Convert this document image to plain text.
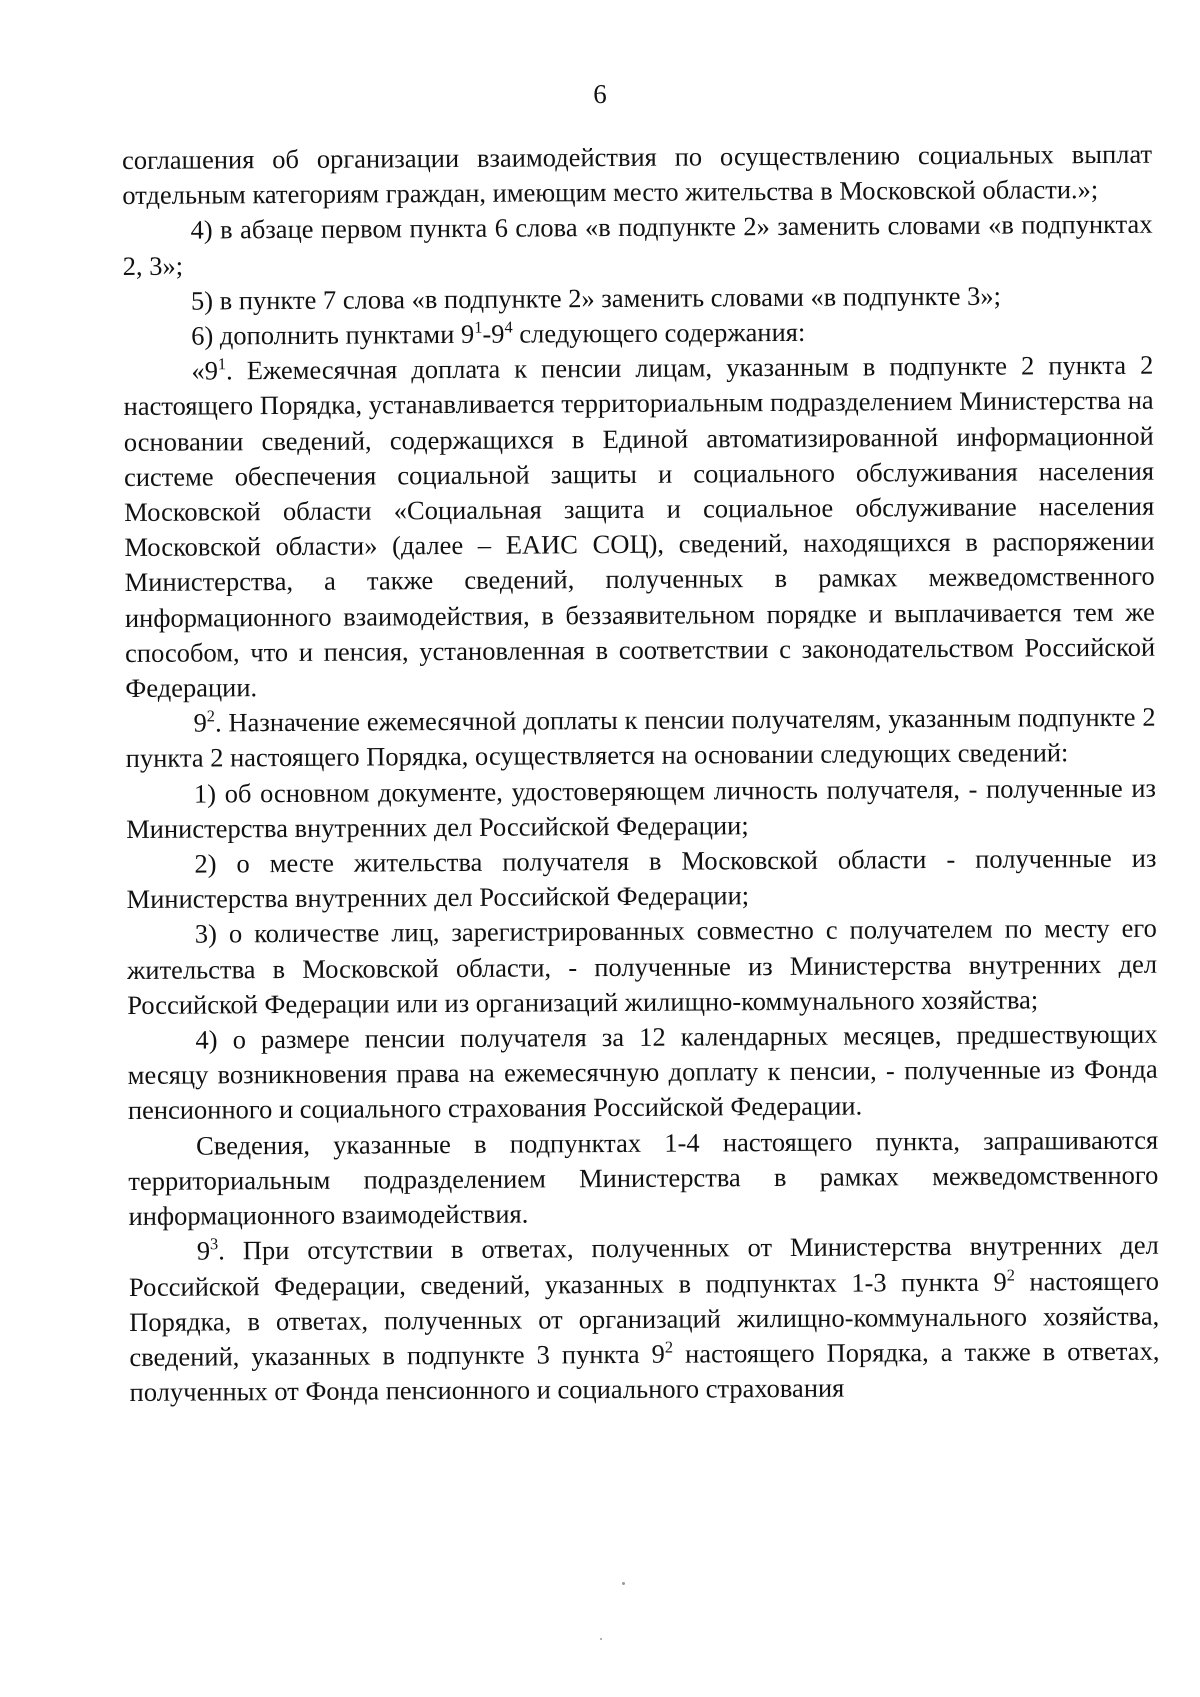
6

соглашения об организации взаимодействия по осуществлению социальных выплат отдельным категориям граждан, имеющим место жительства в Московской области.»;

4) в абзаце первом пункта 6 слова «в подпункте 2» заменить словами «в подпунктах 2, 3»;

5) в пункте 7 слова «в подпункте 2» заменить словами «в подпункте 3»;

6) дополнить пунктами $9^1-9^4$ следующего содержания:

«$9^1$. Ежемесячная доплата к пенсии лицам, указанным в подпункте 2 пункта 2 настоящего Порядка, устанавливается территориальным подразделением Министерства на основании сведений, содержащихся в Единой автоматизированной информационной системе обеспечения социальной защиты и социального обслуживания населения Московской области «Социальная защита и социальное обслуживание населения Московской области» (далее – ЕАИС СОЦ), сведений, находящихся в распоряжении Министерства, а также сведений, полученных в рамках межведомственного информационного взаимодействия, в беззаявительном порядке и выплачивается тем же способом, что и пенсия, установленная в соответствии с законодательством Российской Федерации.

$9^2$. Назначение ежемесячной доплаты к пенсии получателям, указанным подпункте 2 пункта 2 настоящего Порядка, осуществляется на основании следующих сведений:

1) об основном документе, удостоверяющем личность получателя, - полученные из Министерства внутренних дел Российской Федерации;

2) о месте жительства получателя в Московской области - полученные из Министерства внутренних дел Российской Федерации;

3) о количестве лиц, зарегистрированных совместно с получателем по месту его жительства в Московской области, - полученные из Министерства внутренних дел Российской Федерации или из организаций жилищно-коммунального хозяйства;

4) о размере пенсии получателя за 12 календарных месяцев, предшествующих месяцу возникновения права на ежемесячную доплату к пенсии, - полученные из Фонда пенсионного и социального страхования Российской Федерации.

Сведения, указанные в подпунктах 1-4 настоящего пункта, запрашиваются территориальным подразделением Министерства в рамках межведомственного информационного взаимодействия.

$9^3$. При отсутствии в ответах, полученных от Министерства внутренних дел Российской Федерации, сведений, указанных в подпунктах 1-3 пункта $9^2$ настоящего Порядка, в ответах, полученных от организаций жилищно-коммунального хозяйства, сведений, указанных в подпункте 3 пункта $9^2$ настоящего Порядка, а также в ответах, полученных от Фонда пенсионного и социального страхования
